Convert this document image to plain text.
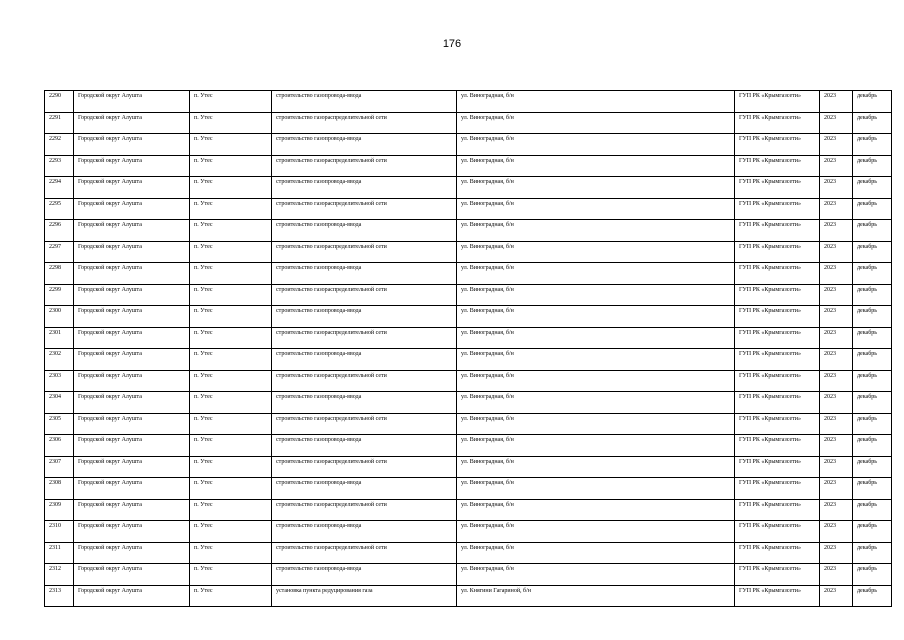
176
2290	Городской округ Алушта	п. Утес	строительство газопровода-ввода	ул. Виноградная, б/н	ГУП РК «Крымгазсети»	2023	декабрь
2291	Городской округ Алушта	п. Утес	строительство газораспределительной сети	ул. Виноградная, б/н	ГУП РК «Крымгазсети»	2023	декабрь
2292	Городской округ Алушта	п. Утес	строительство газопровода-ввода	ул. Виноградная, б/н	ГУП РК «Крымгазсети»	2023	декабрь
2293	Городской округ Алушта	п. Утес	строительство газораспределительной сети	ул. Виноградная, б/н	ГУП РК «Крымгазсети»	2023	декабрь
2294	Городской округ Алушта	п. Утес	строительство газопровода-ввода	ул. Виноградная, б/н	ГУП РК «Крымгазсети»	2023	декабрь
2295	Городской округ Алушта	п. Утес	строительство газораспределительной сети	ул. Виноградная, б/н	ГУП РК «Крымгазсети»	2023	декабрь
2296	Городской округ Алушта	п. Утес	строительство газопровода-ввода	ул. Виноградная, б/н	ГУП РК «Крымгазсети»	2023	декабрь
2297	Городской округ Алушта	п. Утес	строительство газораспределительной сети	ул. Виноградная, б/н	ГУП РК «Крымгазсети»	2023	декабрь
2298	Городской округ Алушта	п. Утес	строительство газопровода-ввода	ул. Виноградная, б/н	ГУП РК «Крымгазсети»	2023	декабрь
2299	Городской округ Алушта	п. Утес	строительство газораспределительной сети	ул. Виноградная, б/н	ГУП РК «Крымгазсети»	2023	декабрь
2300	Городской округ Алушта	п. Утес	строительство газопровода-ввода	ул. Виноградная, б/н	ГУП РК «Крымгазсети»	2023	декабрь
2301	Городской округ Алушта	п. Утес	строительство газораспределительной сети	ул. Виноградная, б/н	ГУП РК «Крымгазсети»	2023	декабрь
2302	Городской округ Алушта	п. Утес	строительство газопровода-ввода	ул. Виноградная, б/н	ГУП РК «Крымгазсети»	2023	декабрь
2303	Городской округ Алушта	п. Утес	строительство газораспределительной сети	ул. Виноградная, б/н	ГУП РК «Крымгазсети»	2023	декабрь
2304	Городской округ Алушта	п. Утес	строительство газопровода-ввода	ул. Виноградная, б/н	ГУП РК «Крымгазсети»	2023	декабрь
2305	Городской округ Алушта	п. Утес	строительство газораспределительной сети	ул. Виноградная, б/н	ГУП РК «Крымгазсети»	2023	декабрь
2306	Городской округ Алушта	п. Утес	строительство газопровода-ввода	ул. Виноградная, б/н	ГУП РК «Крымгазсети»	2023	декабрь
2307	Городской округ Алушта	п. Утес	строительство газораспределительной сети	ул. Виноградная, б/н	ГУП РК «Крымгазсети»	2023	декабрь
2308	Городской округ Алушта	п. Утес	строительство газопровода-ввода	ул. Виноградная, б/н	ГУП РК «Крымгазсети»	2023	декабрь
2309	Городской округ Алушта	п. Утес	строительство газораспределительной сети	ул. Виноградная, б/н	ГУП РК «Крымгазсети»	2023	декабрь
2310	Городской округ Алушта	п. Утес	строительство газопровода-ввода	ул. Виноградная, б/н	ГУП РК «Крымгазсети»	2023	декабрь
2311	Городской округ Алушта	п. Утес	строительство газораспределительной сети	ул. Виноградная, б/н	ГУП РК «Крымгазсети»	2023	декабрь
2312	Городской округ Алушта	п. Утес	строительство газопровода-ввода	ул. Виноградная, б/н	ГУП РК «Крымгазсети»	2023	декабрь
2313	Городской округ Алушта	п. Утес	установка пункта редуцирования газа	ул. Княгини Гагариной, б/н	ГУП РК «Крымгазсети»	2023	декабрь
